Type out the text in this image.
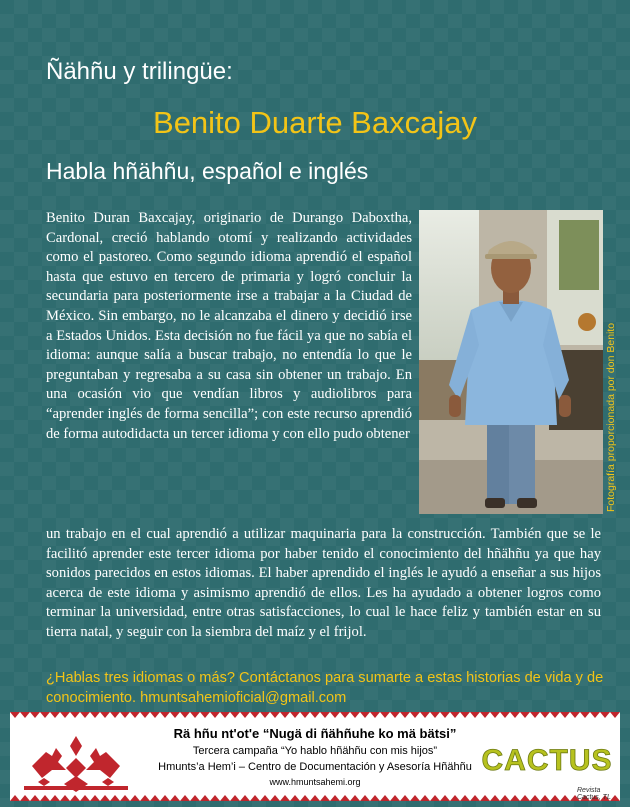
Ñähñu y trilingüe:
Benito Duarte Baxcajay
Habla hñähñu, español e inglés

Benito Duran Baxcajay, originario de Durango Daboxtha, Cardonal, creció hablando otomí y realizando actividades como el pastoreo. Como segundo idioma aprendió el español hasta que estuvo en tercero de primaria y logró concluir la secundaria para posteriormente irse a trabajar a la Ciudad de México. Sin embargo, no le alcanzaba el dinero y decidió irse a Estados Unidos. Esta decisión no fue fácil ya que no sabía el idioma: aunque salía a buscar trabajo, no entendía lo que le preguntaban y regresaba a su casa sin obtener un trabajo. En una ocasión vio que vendían libros y audiolibros para “aprender inglés de forma sencilla”; con este recurso aprendió de forma autodidacta un tercer idioma y con ello pudo obtener	Fotografía proporcionada por don Benito

un trabajo en el cual aprendió a utilizar maquinaria para la construcción. También que se le facilitó aprender este tercer idioma por haber tenido el conocimiento del hñähñu ya que hay sonidos parecidos en estos idiomas. El haber aprendido el inglés le ayudó a enseñar a sus hijos acerca de este idioma y asimismo aprendió de ellos. Les ha ayudado a obtener logros como terminar la universidad, entre otras satisfacciones, lo cual le hace feliz y también estar en su tierra natal, y seguir con la siembra del maíz y el frijol.

¿Hablas tres idiomas o más? Contáctanos para sumarte a estas historias de vida y de conocimiento. hmuntsahemioficial@gmail.com

Rä hñu nt'ot'e “Nugä di ñähñuhe ko mä bätsi”
Tercera campaña “Yo hablo hñähñu con mis hijos”
Hmunts’a Hem’i – Centro de Documentación y Asesoría Hñähñu
www.hmuntsahemi.org
CACTUS
Revista Cactus, TL
